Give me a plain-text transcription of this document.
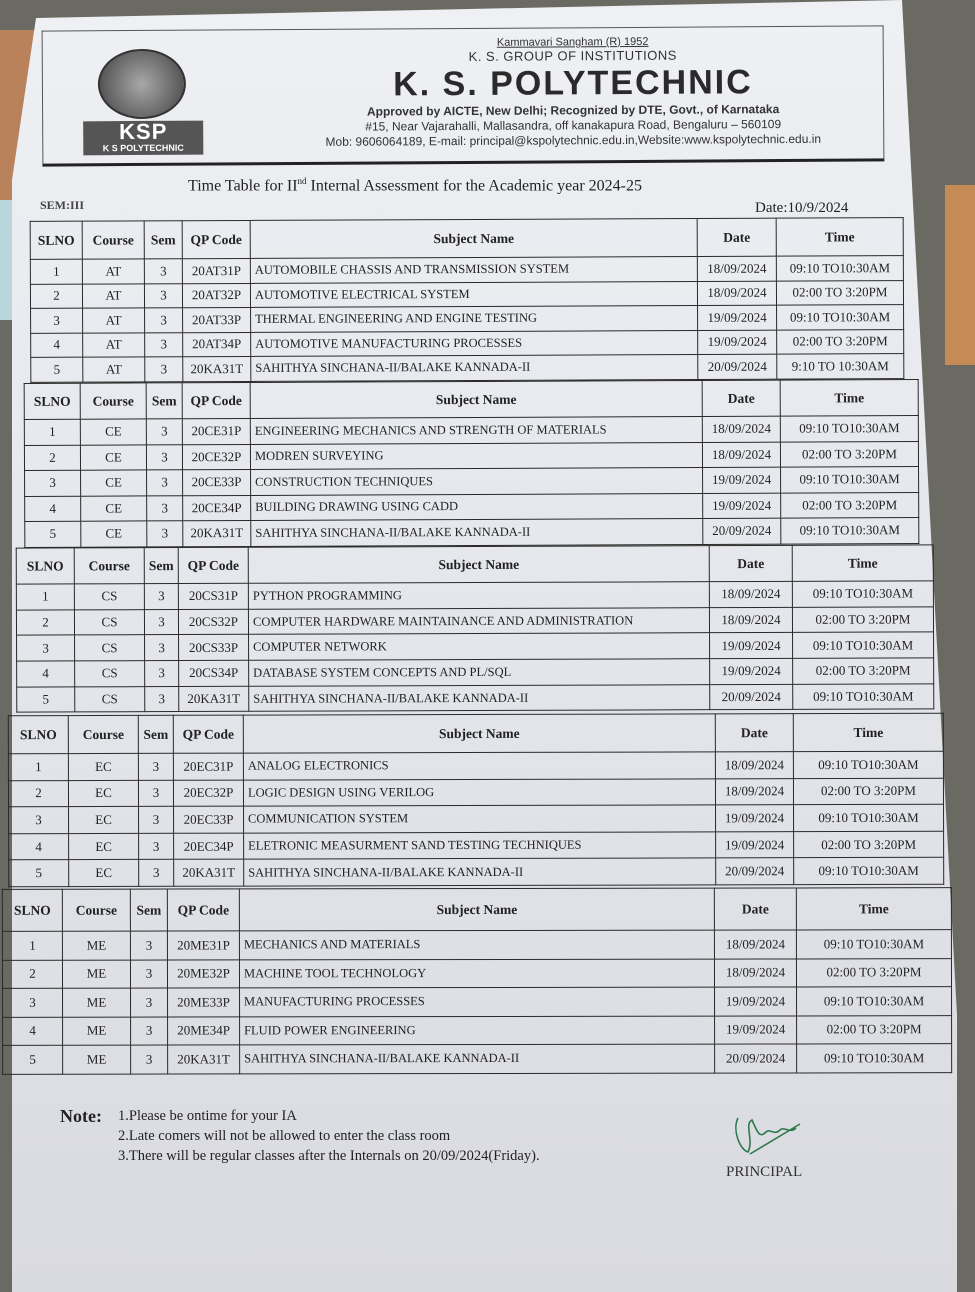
KSP
K S POLYTECHNIC
Kammavari Sangham (R) 1952
K. S. GROUP OF INSTITUTIONS
K. S. POLYTECHNIC
Approved by AICTE, New Delhi; Recognized by DTE, Govt., of Karnataka
#15, Near Vajarahalli, Mallasandra, off kanakapura Road, Bengaluru – 560109
Mob: 9606064189, E-mail: principal@kspolytechnic.edu.in,Website:www.kspolytechnic.edu.in
Time Table for IInd Internal Assessment for the Academic year 2024-25
SEM:III	Date:10/9/2024
SLNO	Course	Sem	QP Code	Subject Name	Date	Time
1	AT	3	20AT31P	AUTOMOBILE CHASSIS AND TRANSMISSION SYSTEM	18/09/2024	09:10 TO10:30AM
2	AT	3	20AT32P	AUTOMOTIVE ELECTRICAL SYSTEM	18/09/2024	02:00 TO 3:20PM
3	AT	3	20AT33P	THERMAL ENGINEERING AND ENGINE TESTING	19/09/2024	09:10 TO10:30AM
4	AT	3	20AT34P	AUTOMOTIVE MANUFACTURING PROCESSES	19/09/2024	02:00 TO 3:20PM
5	AT	3	20KA31T	SAHITHYA SINCHANA-II/BALAKE KANNADA-II	20/09/2024	9:10 TO 10:30AM
SLNO	Course	Sem	QP Code	Subject Name	Date	Time
1	CE	3	20CE31P	ENGINEERING MECHANICS AND STRENGTH OF MATERIALS	18/09/2024	09:10 TO10:30AM
2	CE	3	20CE32P	MODREN SURVEYING	18/09/2024	02:00 TO 3:20PM
3	CE	3	20CE33P	CONSTRUCTION TECHNIQUES	19/09/2024	09:10 TO10:30AM
4	CE	3	20CE34P	BUILDING DRAWING USING CADD	19/09/2024	02:00 TO 3:20PM
5	CE	3	20KA31T	SAHITHYA SINCHANA-II/BALAKE KANNADA-II	20/09/2024	09:10 TO10:30AM
SLNO	Course	Sem	QP Code	Subject Name	Date	Time
1	CS	3	20CS31P	PYTHON PROGRAMMING	18/09/2024	09:10 TO10:30AM
2	CS	3	20CS32P	COMPUTER HARDWARE MAINTAINANCE AND ADMINISTRATION	18/09/2024	02:00 TO 3:20PM
3	CS	3	20CS33P	COMPUTER NETWORK	19/09/2024	09:10 TO10:30AM
4	CS	3	20CS34P	DATABASE SYSTEM CONCEPTS AND PL/SQL	19/09/2024	02:00 TO 3:20PM
5	CS	3	20KA31T	SAHITHYA SINCHANA-II/BALAKE KANNADA-II	20/09/2024	09:10 TO10:30AM
SLNO	Course	Sem	QP Code	Subject Name	Date	Time
1	EC	3	20EC31P	ANALOG ELECTRONICS	18/09/2024	09:10 TO10:30AM
2	EC	3	20EC32P	LOGIC DESIGN USING VERILOG	18/09/2024	02:00 TO 3:20PM
3	EC	3	20EC33P	COMMUNICATION SYSTEM	19/09/2024	09:10 TO10:30AM
4	EC	3	20EC34P	ELETRONIC MEASURMENT SAND TESTING TECHNIQUES	19/09/2024	02:00 TO 3:20PM
5	EC	3	20KA31T	SAHITHYA SINCHANA-II/BALAKE KANNADA-II	20/09/2024	09:10 TO10:30AM
SLNO	Course	Sem	QP Code	Subject Name	Date	Time
1	ME	3	20ME31P	MECHANICS AND MATERIALS	18/09/2024	09:10 TO10:30AM
2	ME	3	20ME32P	MACHINE TOOL TECHNOLOGY	18/09/2024	02:00 TO 3:20PM
3	ME	3	20ME33P	MANUFACTURING PROCESSES	19/09/2024	09:10 TO10:30AM
4	ME	3	20ME34P	FLUID POWER ENGINEERING	19/09/2024	02:00 TO 3:20PM
5	ME	3	20KA31T	SAHITHYA SINCHANA-II/BALAKE KANNADA-II	20/09/2024	09:10 TO10:30AM
Note: 1.Please be ontime for your IA
2.Late comers will not be allowed to enter the class room
3.There will be regular classes after the Internals on 20/09/2024(Friday).
PRINCIPAL
